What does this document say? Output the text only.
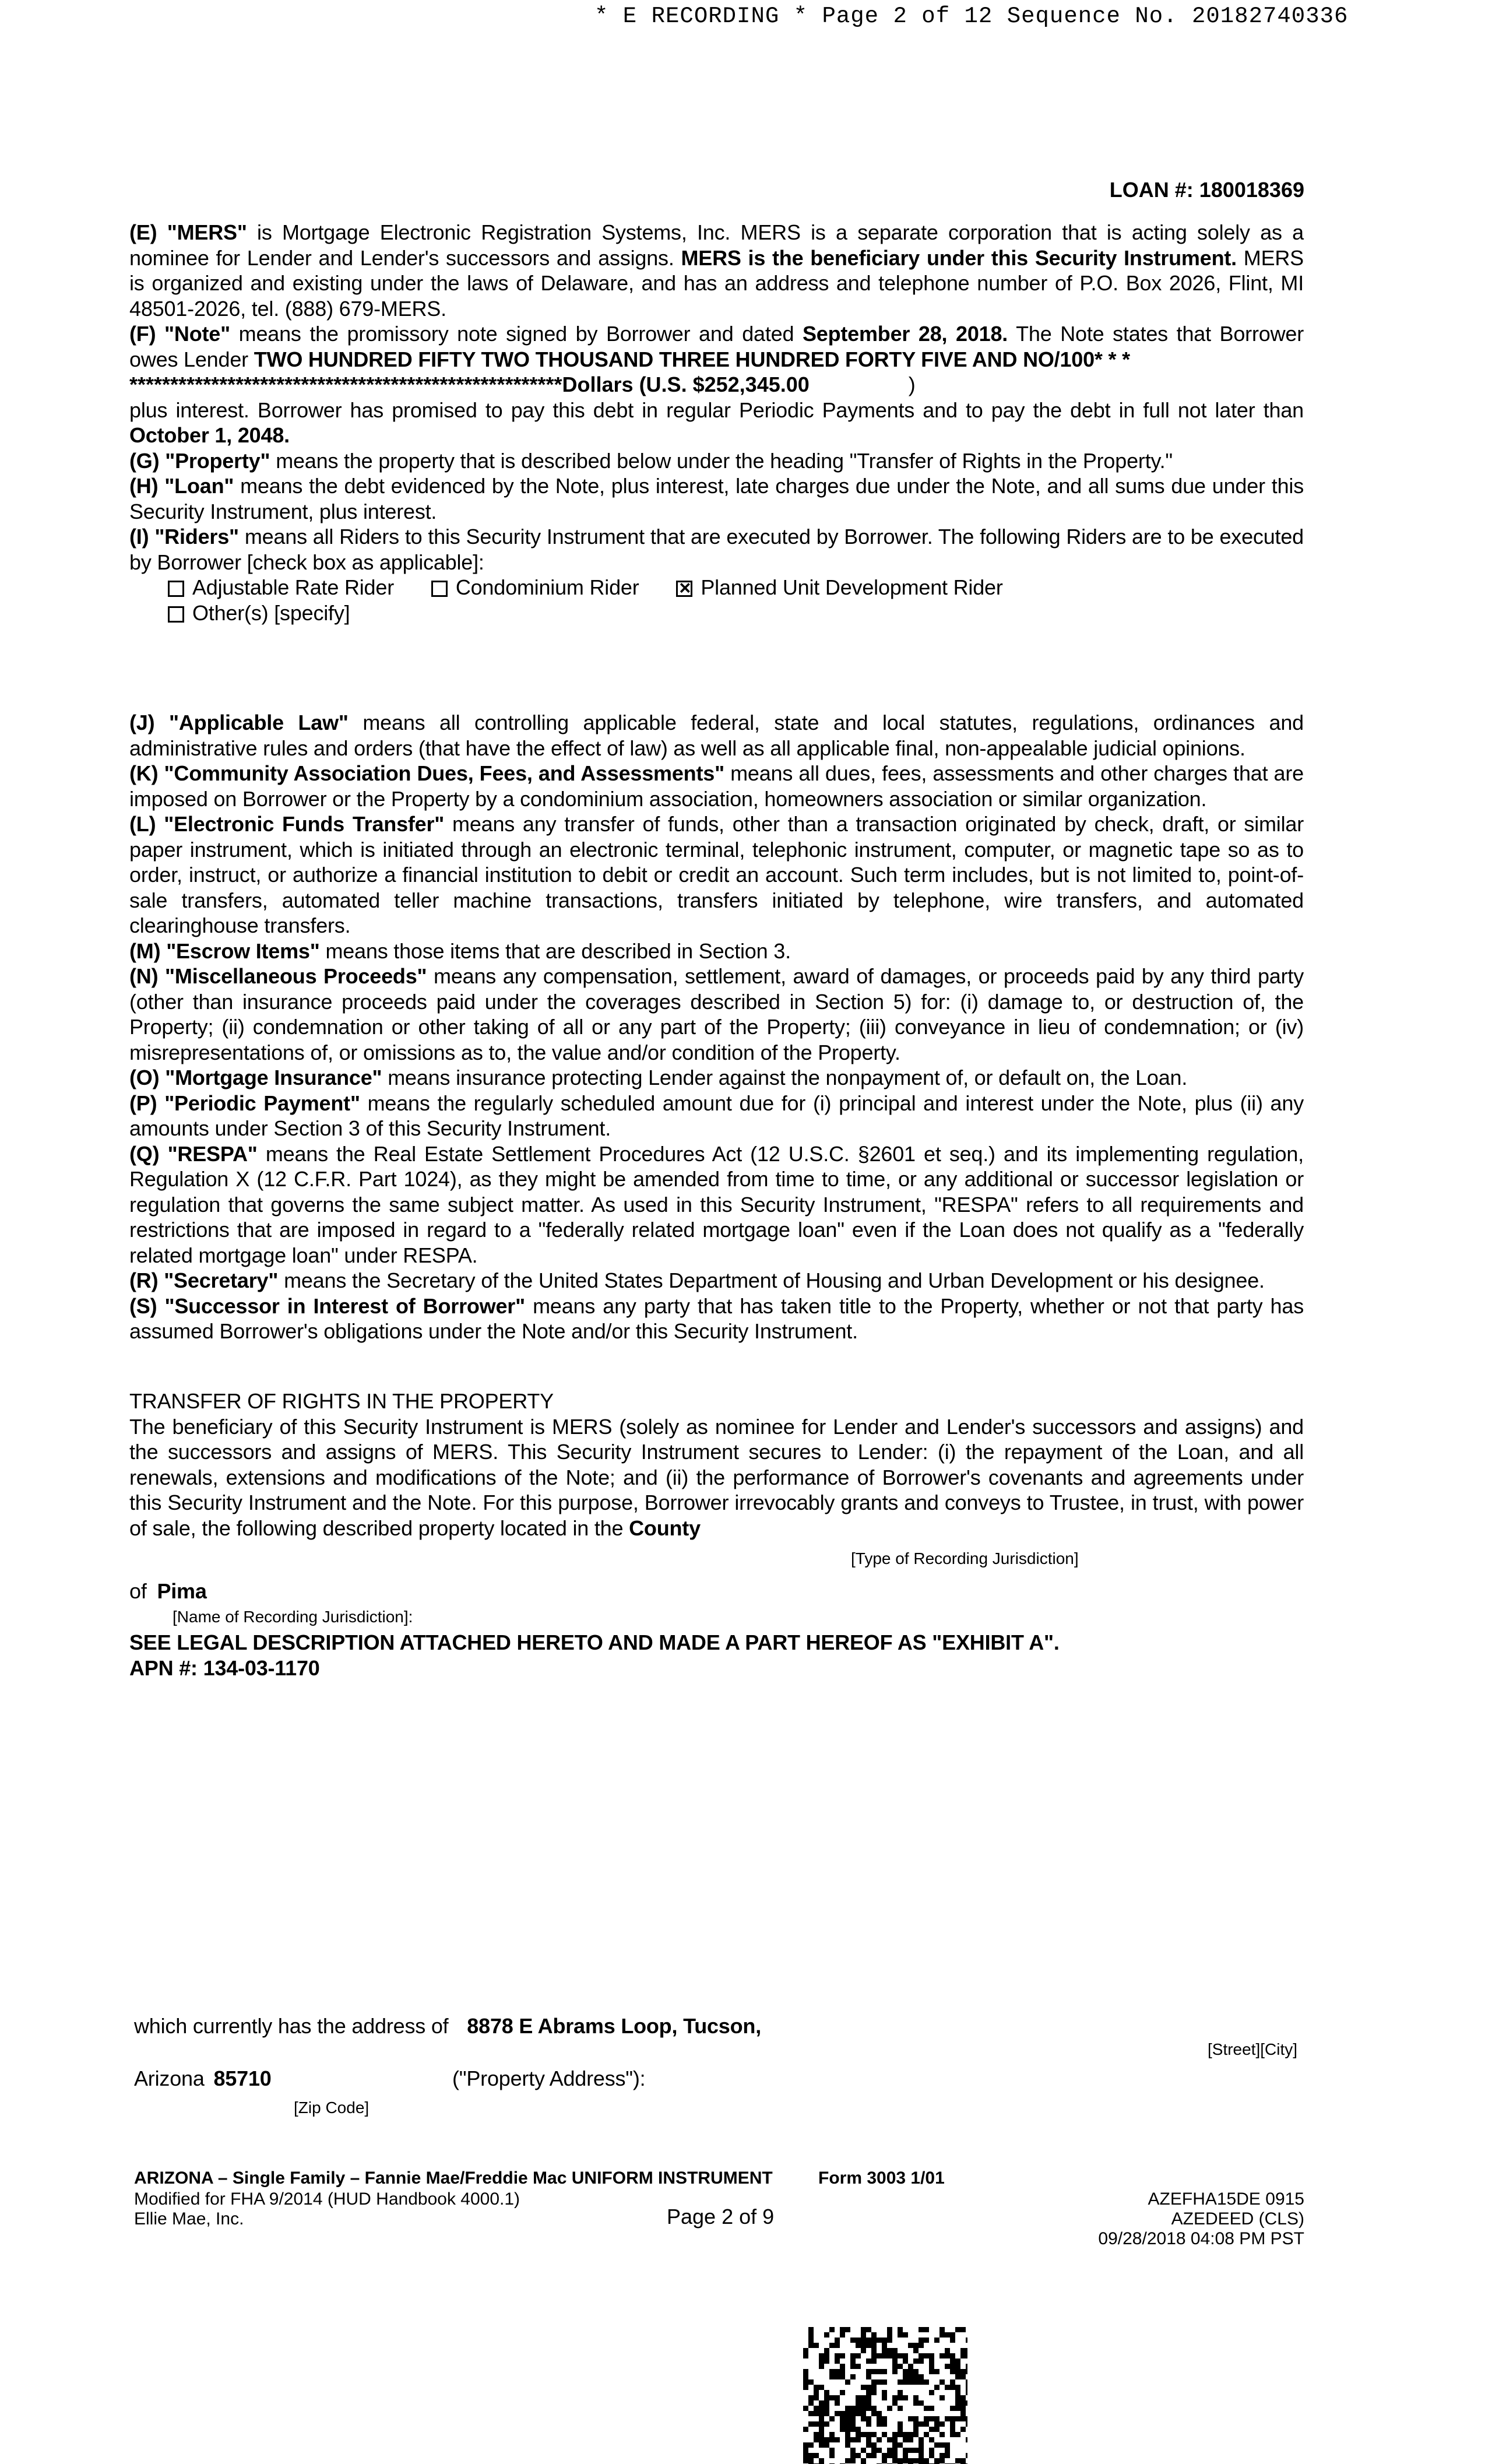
* E RECORDING * Page 2 of 12 Sequence No. 20182740336
LOAN #: 180018369

(E) "MERS" is Mortgage Electronic Registration Systems, Inc. MERS is a separate corporation that is acting solely as a nominee for Lender and Lender's successors and assigns. MERS is the beneficiary under this Security Instrument. MERS is organized and existing under the laws of Delaware, and has an address and telephone number of P.O. Box 2026, Flint, MI 48501-2026, tel. (888) 679-MERS.

(F) "Note" means the promissory note signed by Borrower and dated September 28, 2018. The Note states that Borrower owes Lender TWO HUNDRED FIFTY TWO THOUSAND THREE HUNDRED FORTY FIVE AND NO/100* * *

*****************************************************Dollars (U.S. $252,345.00	)

plus interest. Borrower has promised to pay this debt in regular Periodic Payments and to pay the debt in full not later than October 1, 2048.

(G) "Property" means the property that is described below under the heading "Transfer of Rights in the Property."

(H) "Loan" means the debt evidenced by the Note, plus interest, late charges due under the Note, and all sums due under this Security Instrument, plus interest.

(I) "Riders" means all Riders to this Security Instrument that are executed by Borrower. The following Riders are to be executed by Borrower [check box as applicable]:

Adjustable Rate Rider	Condominium Rider ×	Planned Unit Development Rider
Other(s) [specify]

(J) "Applicable Law" means all controlling applicable federal, state and local statutes, regulations, ordinances and administrative rules and orders (that have the effect of law) as well as all applicable final, non-appealable judicial opinions.

(K) "Community Association Dues, Fees, and Assessments" means all dues, fees, assessments and other charges that are imposed on Borrower or the Property by a condominium association, homeowners association or similar organization.

(L) "Electronic Funds Transfer" means any transfer of funds, other than a transaction originated by check, draft, or similar paper instrument, which is initiated through an electronic terminal, telephonic instrument, computer, or magnetic tape so as to order, instruct, or authorize a financial institution to debit or credit an account. Such term includes, but is not limited to, point-of-sale transfers, automated teller machine transactions, transfers initiated by telephone, wire transfers, and automated clearinghouse transfers.

(M) "Escrow Items" means those items that are described in Section 3.

(N) "Miscellaneous Proceeds" means any compensation, settlement, award of damages, or proceeds paid by any third party (other than insurance proceeds paid under the coverages described in Section 5) for: (i) damage to, or destruction of, the Property; (ii) condemnation or other taking of all or any part of the Property; (iii) conveyance in lieu of condemnation; or (iv) misrepresentations of, or omissions as to, the value and/or condition of the Property.

(O) "Mortgage Insurance" means insurance protecting Lender against the nonpayment of, or default on, the Loan.

(P) "Periodic Payment" means the regularly scheduled amount due for (i) principal and interest under the Note, plus (ii) any amounts under Section 3 of this Security Instrument.

(Q) "RESPA" means the Real Estate Settlement Procedures Act (12 U.S.C. §2601 et seq.) and its implementing regulation, Regulation X (12 C.F.R. Part 1024), as they might be amended from time to time, or any additional or successor legislation or regulation that governs the same subject matter. As used in this Security Instrument, "RESPA" refers to all requirements and restrictions that are imposed in regard to a "federally related mortgage loan" even if the Loan does not qualify as a "federally related mortgage loan" under RESPA.

(R) "Secretary" means the Secretary of the United States Department of Housing and Urban Development or his designee.

(S) "Successor in Interest of Borrower" means any party that has taken title to the Property, whether or not that party has assumed Borrower's obligations under the Note and/or this Security Instrument.

TRANSFER OF RIGHTS IN THE PROPERTY

The beneficiary of this Security Instrument is MERS (solely as nominee for Lender and Lender's successors and assigns) and the successors and assigns of MERS. This Security Instrument secures to Lender: (i) the repayment of the Loan, and all renewals, extensions and modifications of the Note; and (ii) the performance of Borrower's covenants and agreements under this Security Instrument and the Note. For this purpose, Borrower irrevocably grants and conveys to Trustee, in trust, with power of sale, the following described property located in the County

[Type of Recording Jurisdiction]
of Pima
[Name of Recording Jurisdiction]:
SEE LEGAL DESCRIPTION ATTACHED HERETO AND MADE A PART HEREOF AS "EXHIBIT A".
APN #: 134-03-1170
which currently has the address of 8878 E Abrams Loop, Tucson,
[Street][City]
Arizona 85710	("Property Address"):
[Zip Code]
ARIZONA – Single Family – Fannie Mae/Freddie Mac UNIFORM INSTRUMENT	Form 3003 1/01
Modified for FHA 9/2014 (HUD Handbook 4000.1)
Ellie Mae, Inc.	Page 2 of 9
AZEFHA15DE 0915
AZEDEED (CLS)
09/28/2018 04:08 PM PST
